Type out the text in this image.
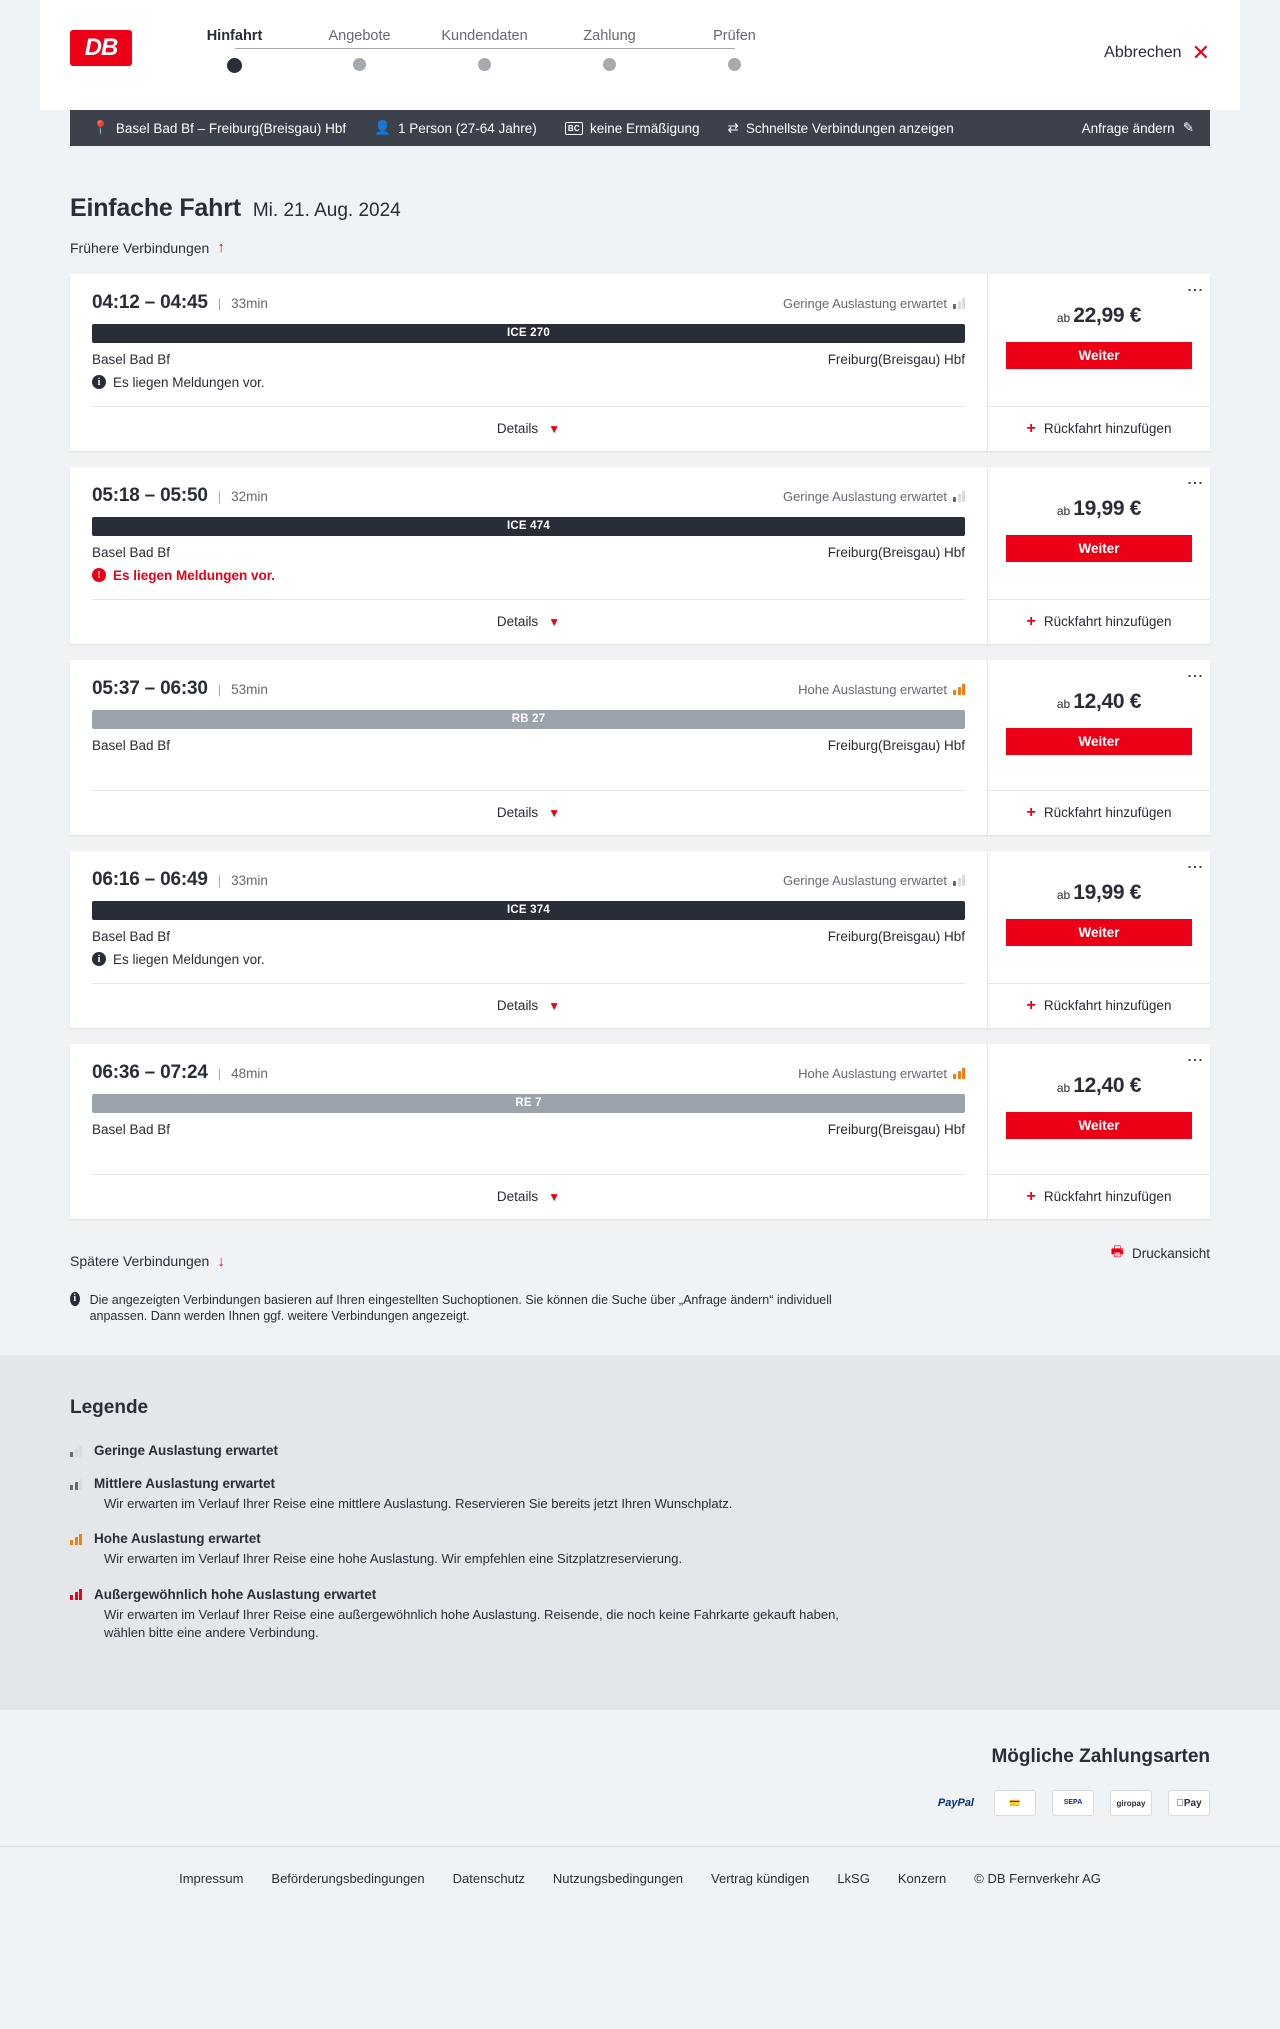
DB	Hinfahrt	Angebote	Kundendaten	Zahlung	Prüfen
Abbrechen ✕
📍 Basel Bad Bf – Freiburg(Breisgau) Hbf 👤 1 Person (27-64 Jahre)	BC keine Ermäßigung ⇄ Schnellste Verbindungen anzeigen	Anfrage ändern ✎
Einfache Fahrt Mi. 21. Aug. 2024
Frühere Verbindungen ↑
04:12 – 04:45 | 33min	Geringe Auslastung erwartet
ICE 270
Basel Bad Bf	Freiburg(Breisgau) Hbf
i Es liegen Meldungen vor.
Details ▼
⋮
ab 22,99 €
Weiter
+ Rückfahrt hinzufügen
05:18 – 05:50 | 32min	Geringe Auslastung erwartet
ICE 474
Basel Bad Bf	Freiburg(Breisgau) Hbf
! Es liegen Meldungen vor.
Details ▼
⋮
ab 19,99 €
Weiter
+ Rückfahrt hinzufügen
05:37 – 06:30 | 53min	Hohe Auslastung erwartet
RB 27
Basel Bad Bf	Freiburg(Breisgau) Hbf
Details ▼
⋮
ab 12,40 €
Weiter
+ Rückfahrt hinzufügen
06:16 – 06:49 | 33min	Geringe Auslastung erwartet
ICE 374
Basel Bad Bf	Freiburg(Breisgau) Hbf
i Es liegen Meldungen vor.
Details ▼
⋮
ab 19,99 €
Weiter
+ Rückfahrt hinzufügen
06:36 – 07:24 | 48min	Hohe Auslastung erwartet
RE 7
Basel Bad Bf	Freiburg(Breisgau) Hbf
Details ▼
⋮
ab 12,40 €
Weiter
+ Rückfahrt hinzufügen
Spätere Verbindungen ↓
🖶 Druckansicht
i Die angezeigten Verbindungen basieren auf Ihren eingestellten Suchoptionen. Sie können die Suche über „Anfrage ändern“ individuell anpassen. Dann werden Ihnen ggf. weitere Verbindungen angezeigt.
Legende
Geringe Auslastung erwartet
Mittlere Auslastung erwartet
Wir erwarten im Verlauf Ihrer Reise eine mittlere Auslastung. Reservieren Sie bereits jetzt Ihren Wunschplatz.
Hohe Auslastung erwartet
Wir erwarten im Verlauf Ihrer Reise eine hohe Auslastung. Wir empfehlen eine Sitzplatzreservierung.
Außergewöhnlich hohe Auslastung erwartet
Wir erwarten im Verlauf Ihrer Reise eine außergewöhnlich hohe Auslastung. Reisende, die noch keine Fahrkarte gekauft haben, wählen bitte eine andere Verbindung.
Mögliche Zahlungsarten
PayPal	💳	SEPA	giropay	Pay
Impressum Beförderungsbedingungen Datenschutz Nutzungsbedingungen Vertrag kündigen LkSG Konzern © DB Fernverkehr AG
